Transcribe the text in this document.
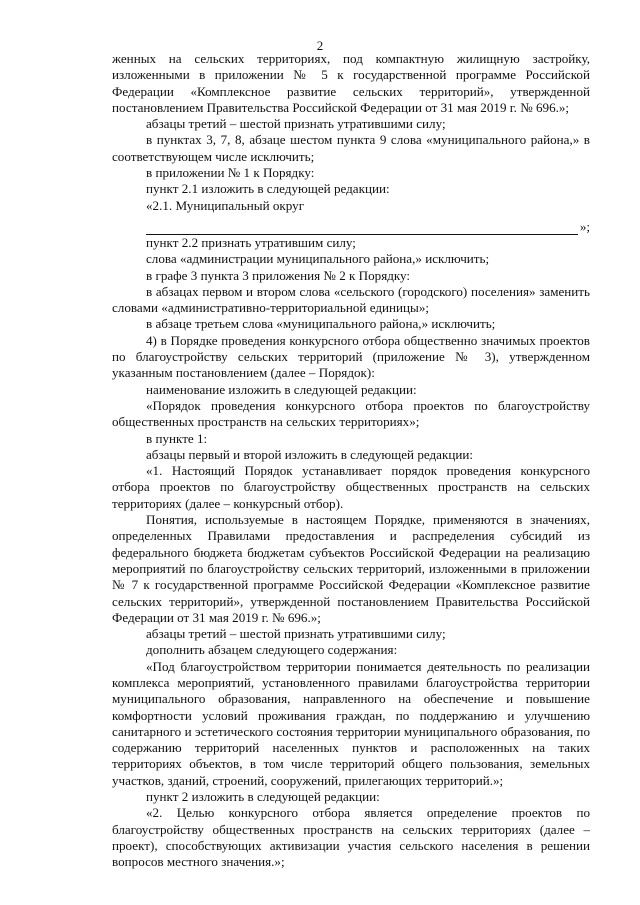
2

женных на сельских территориях, под компактную жилищную застройку, изложенными в приложении № 5 к государственной программе Российской Федерации «Комплексное развитие сельских территорий», утвержденной постановлением Правительства Российской Федерации от 31 мая 2019 г. № 696.»;

абзацы третий – шестой признать утратившими силу;

в пунктах 3, 7, 8, абзаце шестом пункта 9 слова «муниципального района,» в соответствующем числе исключить;

в приложении № 1 к Порядку:

пункт 2.1 изложить в следующей редакции:

«2.1. Муниципальный округ

»;

пункт 2.2 признать утратившим силу;

слова «администрации муниципального района,» исключить;

в графе 3 пункта 3 приложения № 2 к Порядку:

в абзацах первом и втором слова «сельского (городского) поселения» заменить словами «административно-территориальной единицы»;

в абзаце третьем слова «муниципального района,» исключить;

4) в Порядке проведения конкурсного отбора общественно значимых проектов по благоустройству сельских территорий (приложение № 3), утвержденном указанным постановлением (далее – Порядок):

наименование изложить в следующей редакции:

«Порядок проведения конкурсного отбора проектов по благоустройству общественных пространств на сельских территориях»;

в пункте 1:

абзацы первый и второй изложить в следующей редакции:

«1. Настоящий Порядок устанавливает порядок проведения конкурсного отбора проектов по благоустройству общественных пространств на сельских территориях (далее – конкурсный отбор).

Понятия, используемые в настоящем Порядке, применяются в значениях, определенных Правилами предоставления и распределения субсидий из федерального бюджета бюджетам субъектов Российской Федерации на реализацию мероприятий по благоустройству сельских территорий, изложенными в приложении № 7 к государственной программе Российской Федерации «Комплексное развитие сельских территорий», утвержденной постановлением Правительства Российской Федерации от 31 мая 2019 г. № 696.»;

абзацы третий – шестой признать утратившими силу;

дополнить абзацем следующего содержания:

«Под благоустройством территории понимается деятельность по реализации комплекса мероприятий, установленного правилами благоустройства территории муниципального образования, направленного на обеспечение и повышение комфортности условий проживания граждан, по поддержанию и улучшению санитарного и эстетического состояния территории муниципального образования, по содержанию территорий населенных пунктов и расположенных на таких территориях объектов, в том числе территорий общего пользования, земельных участков, зданий, строений, сооружений, прилегающих территорий.»;

пункт 2 изложить в следующей редакции:

«2. Целью конкурсного отбора является определение проектов по благоустройству общественных пространств на сельских территориях (далее – проект), способствующих активизации участия сельского населения в решении вопросов местного значения.»;
